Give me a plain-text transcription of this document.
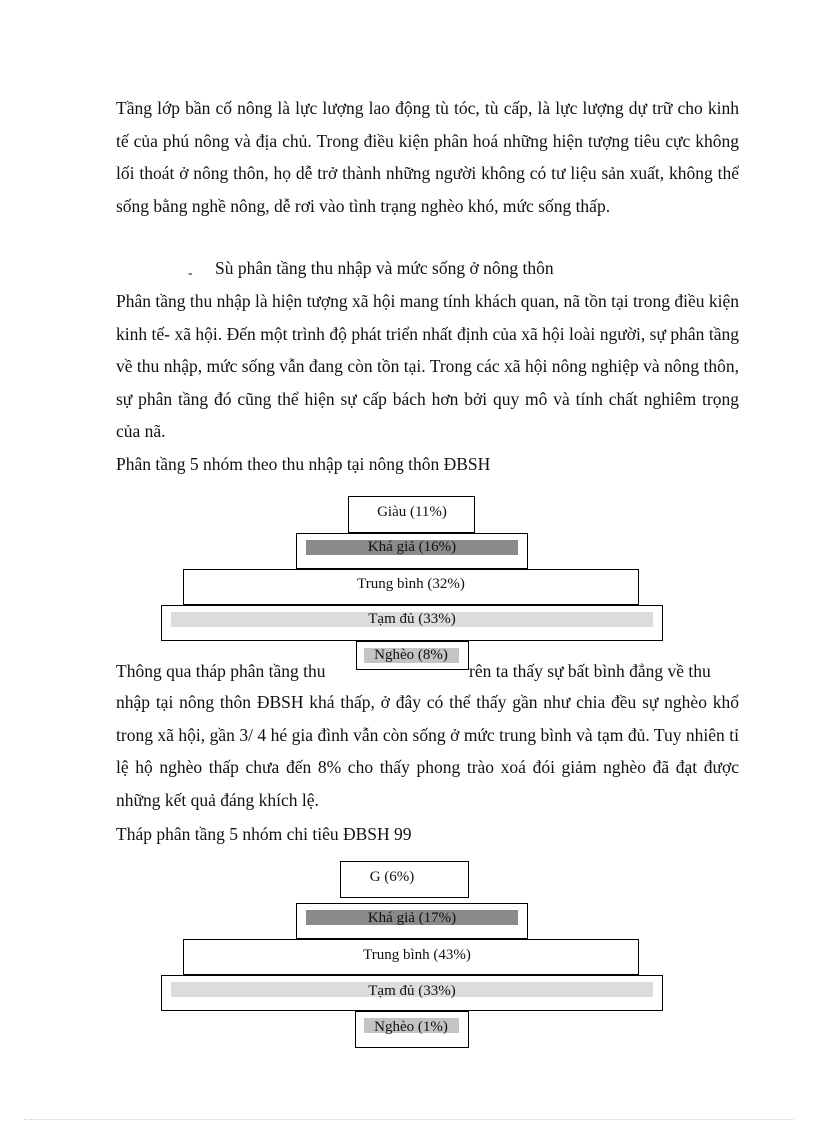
Tầng lớp bần cố nông là lực lượng lao động tù tóc, tù cấp, là lực lượng dự trữ cho kinh tế của phú nông và địa chủ. Trong điều kiện phân hoá những hiện tượng tiêu cực không lối thoát ở nông thôn, họ dễ trở thành những người không có tư liệu sản xuất, không thể sống bằng nghề nông, dễ rơi vào tình trạng nghèo khó, mức sống thấp.

- Sù phân tầng thu nhập và mức sống ở nông thôn

Phân tầng thu nhập là hiện tượng xã hội mang tính khách quan, nã tồn tại trong điều kiện kinh tế- xã hội. Đến một trình độ phát triển nhất định của xã hội loài người, sự phân tầng về thu nhập, mức sống vẫn đang còn tồn tại. Trong các xã hội nông nghiệp và nông thôn, sự phân tầng đó cũng thể hiện sự cấp bách hơn bởi quy mô và tính chất nghiêm trọng của nã.

Phân tầng 5 nhóm theo thu nhập tại nông thôn ĐBSH

Giàu (11%)
Khá giả (16%)
Trung bình (32%)
Tạm đủ (33%)
Nghèo (8%)

Thông qua tháp phân tầng thu	rên ta thấy sự bất bình đẳng về thu

nhập tại nông thôn ĐBSH khá thấp, ở đây có thể thấy gần như chia đều sự nghèo khổ trong xã hội, gần 3/ 4 hé gia đình vẫn còn sống ở mức trung bình và tạm đủ. Tuy nhiên tỉ lệ hộ nghèo thấp chưa đến 8% cho thấy phong trào xoá đói giảm nghèo đã đạt được những kết quả đáng khích lệ.

Tháp phân tầng 5 nhóm chi tiêu ĐBSH 99

G (6%)
Khá giả (17%)
Trung bình (43%)
Tạm đủ (33%)
Nghèo (1%)
